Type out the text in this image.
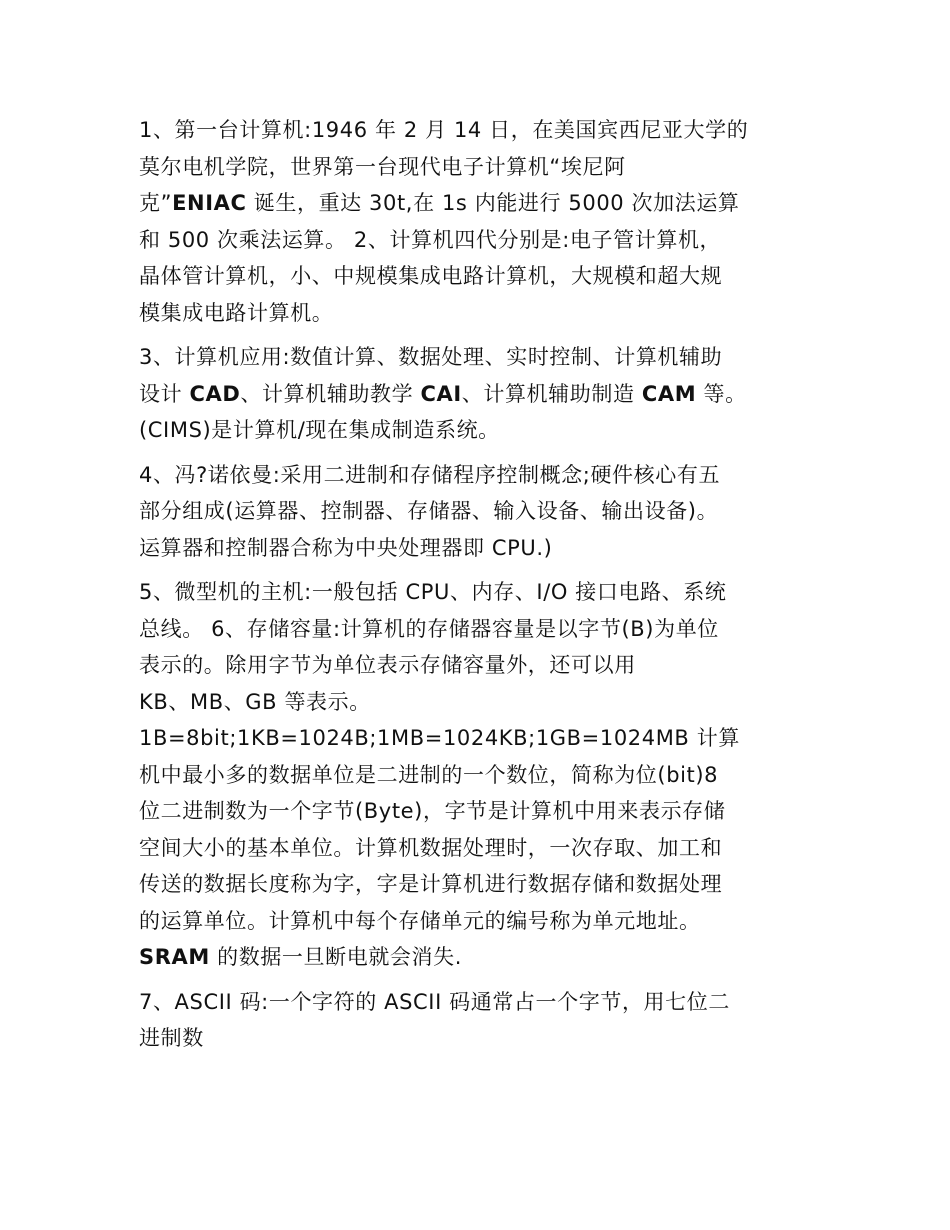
1、第一台计算机:1946 年 2 月 14 日，在美国宾西尼亚大学的
莫尔电机学院，世界第一台现代电子计算机“埃尼阿
克”ENIAC 诞生，重达 30t,在 1s 内能进行 5000 次加法运算
和 500 次乘法运算。 2、计算机四代分别是:电子管计算机，
晶体管计算机，小、中规模集成电路计算机，大规模和超大规
模集成电路计算机。
3、计算机应用:数值计算、数据处理、实时控制、计算机辅助
设计 CAD、计算机辅助教学 CAI、计算机辅助制造 CAM 等。
(CIMS)是计算机/现在集成制造系统。
4、冯?诺依曼:采用二进制和存储程序控制概念;硬件核心有五
部分组成(运算器、控制器、存储器、输入设备、输出设备)。
运算器和控制器合称为中央处理器即 CPU.)
5、微型机的主机:一般包括 CPU、内存、I/O 接口电路、系统
总线。 6、存储容量:计算机的存储器容量是以字节(B)为单位
表示的。除用字节为单位表示存储容量外，还可以用
KB、MB、GB 等表示。
1B=8bit;1KB=1024B;1MB=1024KB;1GB=1024MB 计算
机中最小多的数据单位是二进制的一个数位，简称为位(bit)8
位二进制数为一个字节(Byte)，字节是计算机中用来表示存储
空间大小的基本单位。计算机数据处理时，一次存取、加工和
传送的数据长度称为字，字是计算机进行数据存储和数据处理
的运算单位。计算机中每个存储单元的编号称为单元地址。
SRAM 的数据一旦断电就会消失.
7、ASCII 码:一个字符的 ASCII 码通常占一个字节，用七位二
进制数
